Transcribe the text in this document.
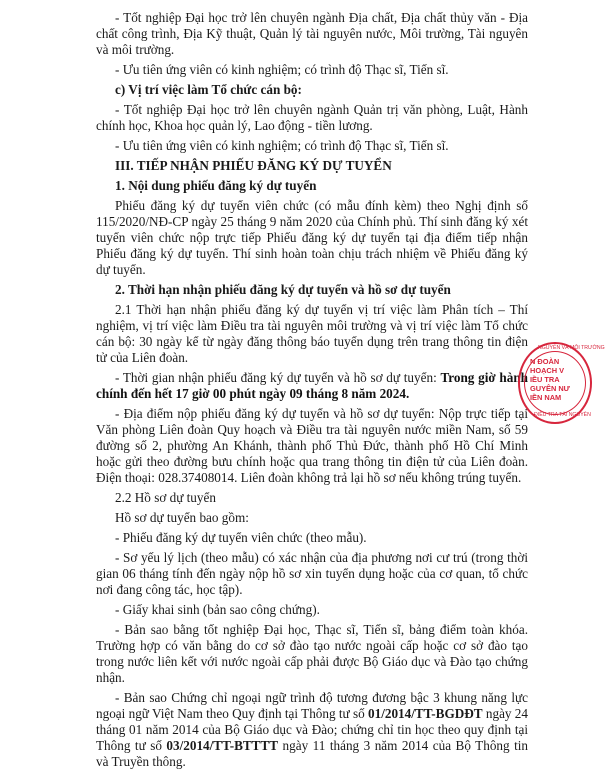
- Tốt nghiệp Đại học trở lên chuyên ngành Địa chất, Địa chất thủy văn - Địa chất công trình, Địa Kỹ thuật, Quản lý tài nguyên nước, Môi trường, Tài nguyên và môi trường.

- Ưu tiên ứng viên có kinh nghiệm; có trình độ Thạc sĩ, Tiến sĩ.

c) Vị trí việc làm Tổ chức cán bộ:

- Tốt nghiệp Đại học trở lên chuyên ngành Quản trị văn phòng, Luật, Hành chính học, Khoa học quản lý, Lao động - tiền lương.

- Ưu tiên ứng viên có kinh nghiệm; có trình độ Thạc sĩ, Tiến sĩ.

III. TIẾP NHẬN PHIẾU ĐĂNG KÝ DỰ TUYỂN

1. Nội dung phiếu đăng ký dự tuyển

Phiếu đăng ký dự tuyển viên chức (có mẫu đính kèm) theo Nghị định số 115/2020/NĐ-CP ngày 25 tháng 9 năm 2020 của Chính phủ. Thí sinh đăng ký xét tuyển viên chức nộp trực tiếp Phiếu đăng ký dự tuyển tại địa điểm tiếp nhận Phiếu đăng ký dự tuyển. Thí sinh hoàn toàn chịu trách nhiệm về Phiếu đăng ký dự tuyển.

2. Thời hạn nhận phiếu đăng ký dự tuyển và hồ sơ dự tuyển

2.1 Thời hạn nhận phiếu đăng ký dự tuyển vị trí việc làm Phân tích – Thí nghiệm, vị trí việc làm Điều tra tài nguyên môi trường và vị trí việc làm Tổ chức cán bộ: 30 ngày kể từ ngày đăng thông báo tuyển dụng trên trang thông tin điện tử của Liên đoàn.

- Thời gian nhận phiếu đăng ký dự tuyển và hồ sơ dự tuyển: Trong giờ hành chính đến hết 17 giờ 00 phút ngày 09 tháng 8 năm 2024.

- Địa điểm nộp phiếu đăng ký dự tuyển và hồ sơ dự tuyển: Nộp trực tiếp tại Văn phòng Liên đoàn Quy hoạch và Điều tra tài nguyên nước miền Nam, số 59 đường số 2, phường An Khánh, thành phố Thủ Đức, thành phố Hồ Chí Minh hoặc gửi theo đường bưu chính hoặc qua trang thông tin điện tử của Liên đoàn. Điện thoại: 028.37408014. Liên đoàn không trả lại hồ sơ nếu không trúng tuyển.

2.2 Hồ sơ dự tuyển

Hồ sơ dự tuyển bao gồm:

- Phiếu đăng ký dự tuyển viên chức (theo mẫu).

- Sơ yếu lý lịch (theo mẫu) có xác nhận của địa phương nơi cư trú (trong thời gian 06 tháng tính đến ngày nộp hồ sơ xin tuyển dụng hoặc của cơ quan, tổ chức nơi đang công tác, học tập).

- Giấy khai sinh (bản sao công chứng).

- Bản sao bằng tốt nghiệp Đại học, Thạc sĩ, Tiến sĩ, bảng điểm toàn khóa. Trường hợp có văn bằng do cơ sở đào tạo nước ngoài cấp hoặc cơ sở đào tạo trong nước liên kết với nước ngoài cấp phải được Bộ Giáo dục và Đào tạo chứng nhận.

- Bản sao Chứng chỉ ngoại ngữ trình độ tương đương bậc 3 khung năng lực ngoại ngữ Việt Nam theo Quy định tại Thông tư số 01/2014/TT-BGDĐT ngày 24 tháng 01 năm 2014 của Bộ Giáo dục và Đào; chứng chỉ tin học theo quy định tại Thông tư số 03/2014/TT-BTTTT ngày 11 tháng 3 năm 2014 của Bộ Thông tin và Truyền thông.

NGUYÊN VÀ MÔI TRƯỜNG
N ĐOÀN
HOẠCH V
IỀU TRA
GUYÊN NƯ
IỀN NAM
ĐIỀU TRA TÀI NGUYÊN
